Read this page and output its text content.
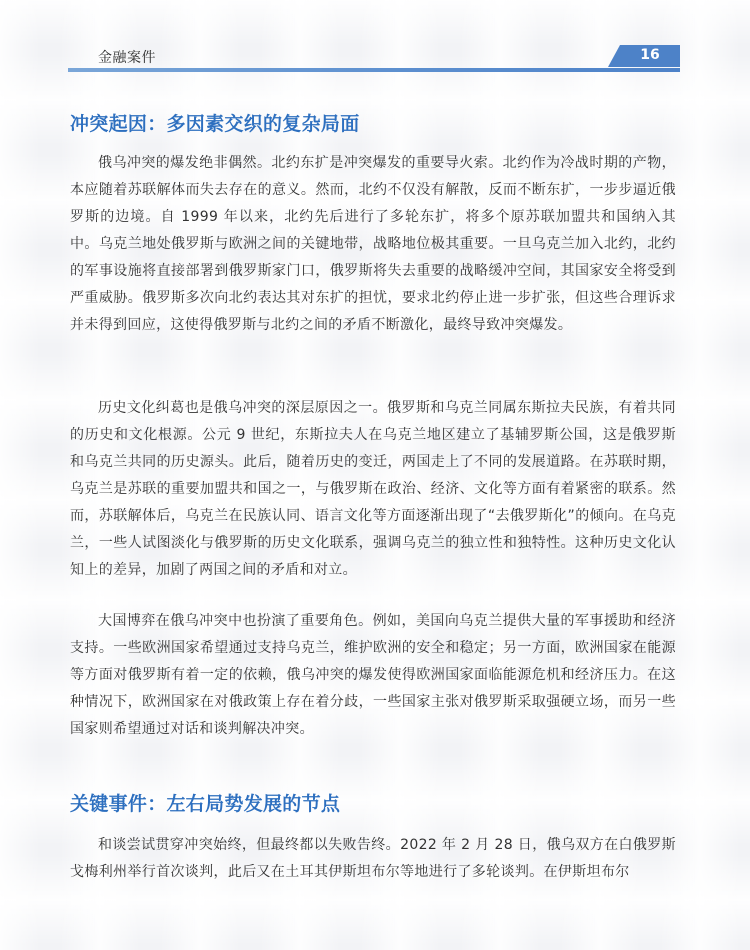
金融案件	16
冲突起因：多因素交织的复杂局面

俄乌冲突的爆发绝非偶然。北约东扩是冲突爆发的重要导火索。北约作为冷战时期的产物，本应随着苏联解体而失去存在的意义。然而，北约不仅没有解散，反而不断东扩，一步步逼近俄罗斯的边境。自 1999 年以来，北约先后进行了多轮东扩，将多个原苏联加盟共和国纳入其中。乌克兰地处俄罗斯与欧洲之间的关键地带，战略地位极其重要。一旦乌克兰加入北约，北约的军事设施将直接部署到俄罗斯家门口，俄罗斯将失去重要的战略缓冲空间，其国家安全将受到严重威胁。俄罗斯多次向北约表达其对东扩的担忧，要求北约停止进一步扩张，但这些合理诉求并未得到回应，这使得俄罗斯与北约之间的矛盾不断激化，最终导致冲突爆发。

历史文化纠葛也是俄乌冲突的深层原因之一。俄罗斯和乌克兰同属东斯拉夫民族，有着共同的历史和文化根源。公元 9 世纪，东斯拉夫人在乌克兰地区建立了基辅罗斯公国，这是俄罗斯和乌克兰共同的历史源头。此后，随着历史的变迁，两国走上了不同的发展道路。在苏联时期，乌克兰是苏联的重要加盟共和国之一，与俄罗斯在政治、经济、文化等方面有着紧密的联系。然而，苏联解体后，乌克兰在民族认同、语言文化等方面逐渐出现了“去俄罗斯化”的倾向。在乌克兰，一些人试图淡化与俄罗斯的历史文化联系，强调乌克兰的独立性和独特性。这种历史文化认知上的差异，加剧了两国之间的矛盾和对立。

大国博弈在俄乌冲突中也扮演了重要角色。例如，美国向乌克兰提供大量的军事援助和经济支持。一些欧洲国家希望通过支持乌克兰，维护欧洲的安全和稳定；另一方面，欧洲国家在能源等方面对俄罗斯有着一定的依赖，俄乌冲突的爆发使得欧洲国家面临能源危机和经济压力。在这种情况下，欧洲国家在对俄政策上存在着分歧，一些国家主张对俄罗斯采取强硬立场，而另一些国家则希望通过对话和谈判解决冲突。

关键事件：左右局势发展的节点

和谈尝试贯穿冲突始终，但最终都以失败告终。2022 年 2 月 28 日，俄乌双方在白俄罗斯戈梅利州举行首次谈判，此后又在土耳其伊斯坦布尔等地进行了多轮谈判。在伊斯坦布尔
